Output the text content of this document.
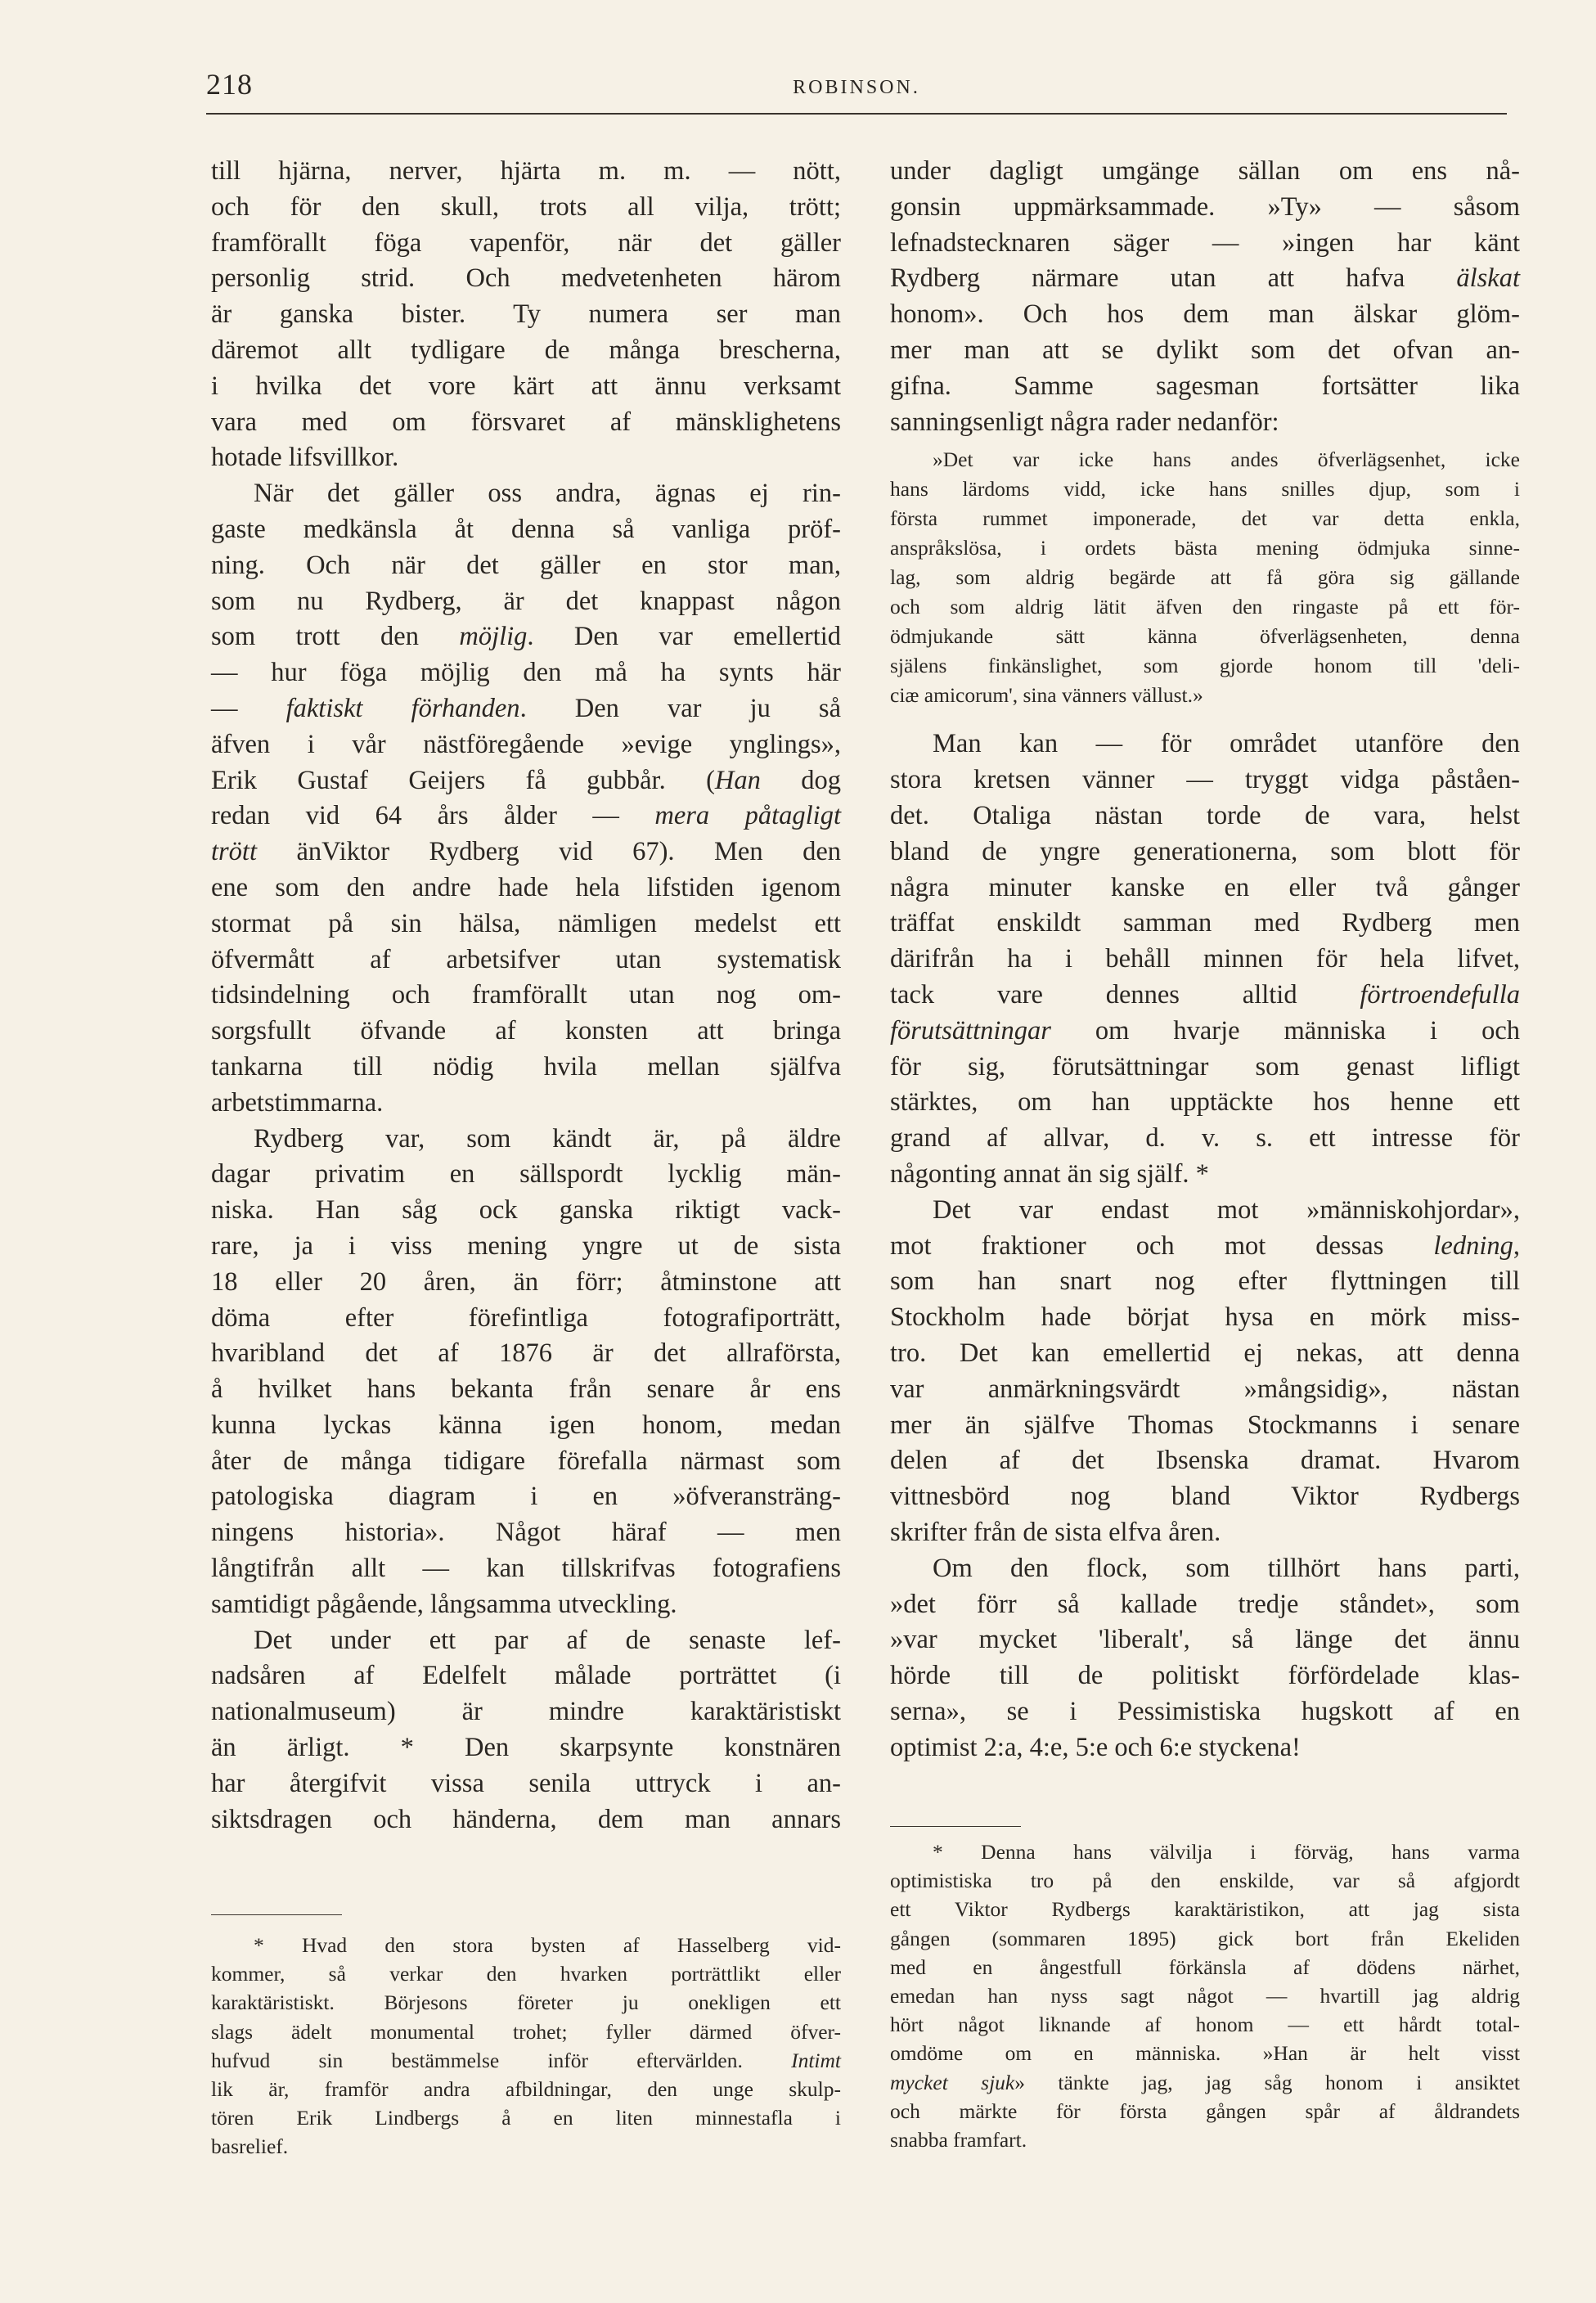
218	ROBINSON.

till hjärna, nerver, hjärta m. m. — nött,
och för den skull, trots all vilja, trött;
framförallt föga vapenför, när det gäller
personlig strid. Och medvetenheten härom
är ganska bister. Ty numera ser man
däremot allt tydligare de många brescherna,
i hvilka det vore kärt att ännu verksamt
vara med om försvaret af mänsklighetens
hotade lifsvillkor.

När det gäller oss andra, ägnas ej rin-
gaste medkänsla åt denna så vanliga pröf-
ning. Och när det gäller en stor man,
som nu Rydberg, är det knappast någon
som trott den möjlig. Den var emellertid
— hur föga möjlig den må ha synts här
— faktiskt förhanden. Den var ju så
äfven i vår nästföregående »evige ynglings»,
Erik Gustaf Geijers få gubbår. (Han dog
redan vid 64 års ålder — mera påtagligt
trött änViktor Rydberg vid 67). Men den
ene som den andre hade hela lifstiden igenom
stormat på sin hälsa, nämligen medelst ett
öfvermått af arbetsifver utan systematisk
tidsindelning och framförallt utan nog om-
sorgsfullt öfvande af konsten att bringa
tankarna till nödig hvila mellan själfva
arbetstimmarna.

Rydberg var, som kändt är, på äldre
dagar privatim en sällspordt lycklig män-
niska. Han såg ock ganska riktigt vack-
rare, ja i viss mening yngre ut de sista
18 eller 20 åren, än förr; åtminstone att
döma efter förefintliga fotografiporträtt,
hvaribland det af 1876 är det allraförsta,
å hvilket hans bekanta från senare år ens
kunna lyckas känna igen honom, medan
åter de många tidigare förefalla närmast som
patologiska diagram i en »öfveransträng-
ningens historia». Något häraf — men
långtifrån allt — kan tillskrifvas fotografiens
samtidigt pågående, långsamma utveckling.

Det under ett par af de senaste lef-
nadsåren af Edelfelt målade porträttet (i
nationalmuseum) är mindre karaktäristiskt
än ärligt. * Den skarpsynte konstnären
har återgifvit vissa senila uttryck i an-
siktsdragen och händerna, dem man annars

* Hvad den stora bysten af Hasselberg vid-
kommer, så verkar den hvarken porträttlikt eller
karaktäristiskt. Börjesons företer ju onekligen ett
slags ädelt monumental trohet; fyller därmed öfver-
hufvud sin bestämmelse inför eftervärlden. Intimt
lik är, framför andra afbildningar, den unge skulp-
tören Erik Lindbergs å en liten minnestafla i
basrelief.

under dagligt umgänge sällan om ens nå-
gonsin uppmärksammade. »Ty» — såsom
lefnadstecknaren säger — »ingen har känt
Rydberg närmare utan att hafva älskat
honom». Och hos dem man älskar glöm-
mer man att se dylikt som det ofvan an-
gifna. Samme sagesman fortsätter lika
sanningsenligt några rader nedanför:

»Det var icke hans andes öfverlägsenhet, icke
hans lärdoms vidd, icke hans snilles djup, som i
första rummet imponerade, det var detta enkla,
anspråkslösa, i ordets bästa mening ödmjuka sinne-
lag, som aldrig begärde att få göra sig gällande
och som aldrig lätit äfven den ringaste på ett för-
ödmjukande sätt känna öfverlägsenheten, denna
själens finkänslighet, som gjorde honom till 'deli-
ciæ amicorum', sina vänners vällust.»

Man kan — för området utanföre den
stora kretsen vänner — tryggt vidga påståen-
det. Otaliga nästan torde de vara, helst
bland de yngre generationerna, som blott för
några minuter kanske en eller två gånger
träffat enskildt samman med Rydberg men
därifrån ha i behåll minnen för hela lifvet,
tack vare dennes alltid förtroendefulla
förutsättningar om hvarje människa i och
för sig, förutsättningar som genast lifligt
stärktes, om han upptäckte hos henne ett
grand af allvar, d. v. s. ett intresse för
någonting annat än sig själf. *

Det var endast mot »människohjordar»,
mot fraktioner och mot dessas ledning,
som han snart nog efter flyttningen till
Stockholm hade börjat hysa en mörk miss-
tro. Det kan emellertid ej nekas, att denna
var anmärkningsvärdt »mångsidig», nästan
mer än själfve Thomas Stockmanns i senare
delen af det Ibsenska dramat. Hvarom
vittnesbörd nog bland Viktor Rydbergs
skrifter från de sista elfva åren.

Om den flock, som tillhört hans parti,
»det förr så kallade tredje ståndet», som
»var mycket 'liberalt', så länge det ännu
hörde till de politiskt förfördelade klas-
serna», se i Pessimistiska hugskott af en
optimist 2:a, 4:e, 5:e och 6:e styckena!

* Denna hans välvilja i förväg, hans varma
optimistiska tro på den enskilde, var så afgjordt
ett Viktor Rydbergs karaktäristikon, att jag sista
gången (sommaren 1895) gick bort från Ekeliden
med en ångestfull förkänsla af dödens närhet,
emedan han nyss sagt något — hvartill jag aldrig
hört något liknande af honom — ett hårdt total-
omdöme om en människa. »Han är helt visst
mycket sjuk» tänkte jag, jag såg honom i ansiktet
och märkte för första gången spår af åldrandets
snabba framfart.
